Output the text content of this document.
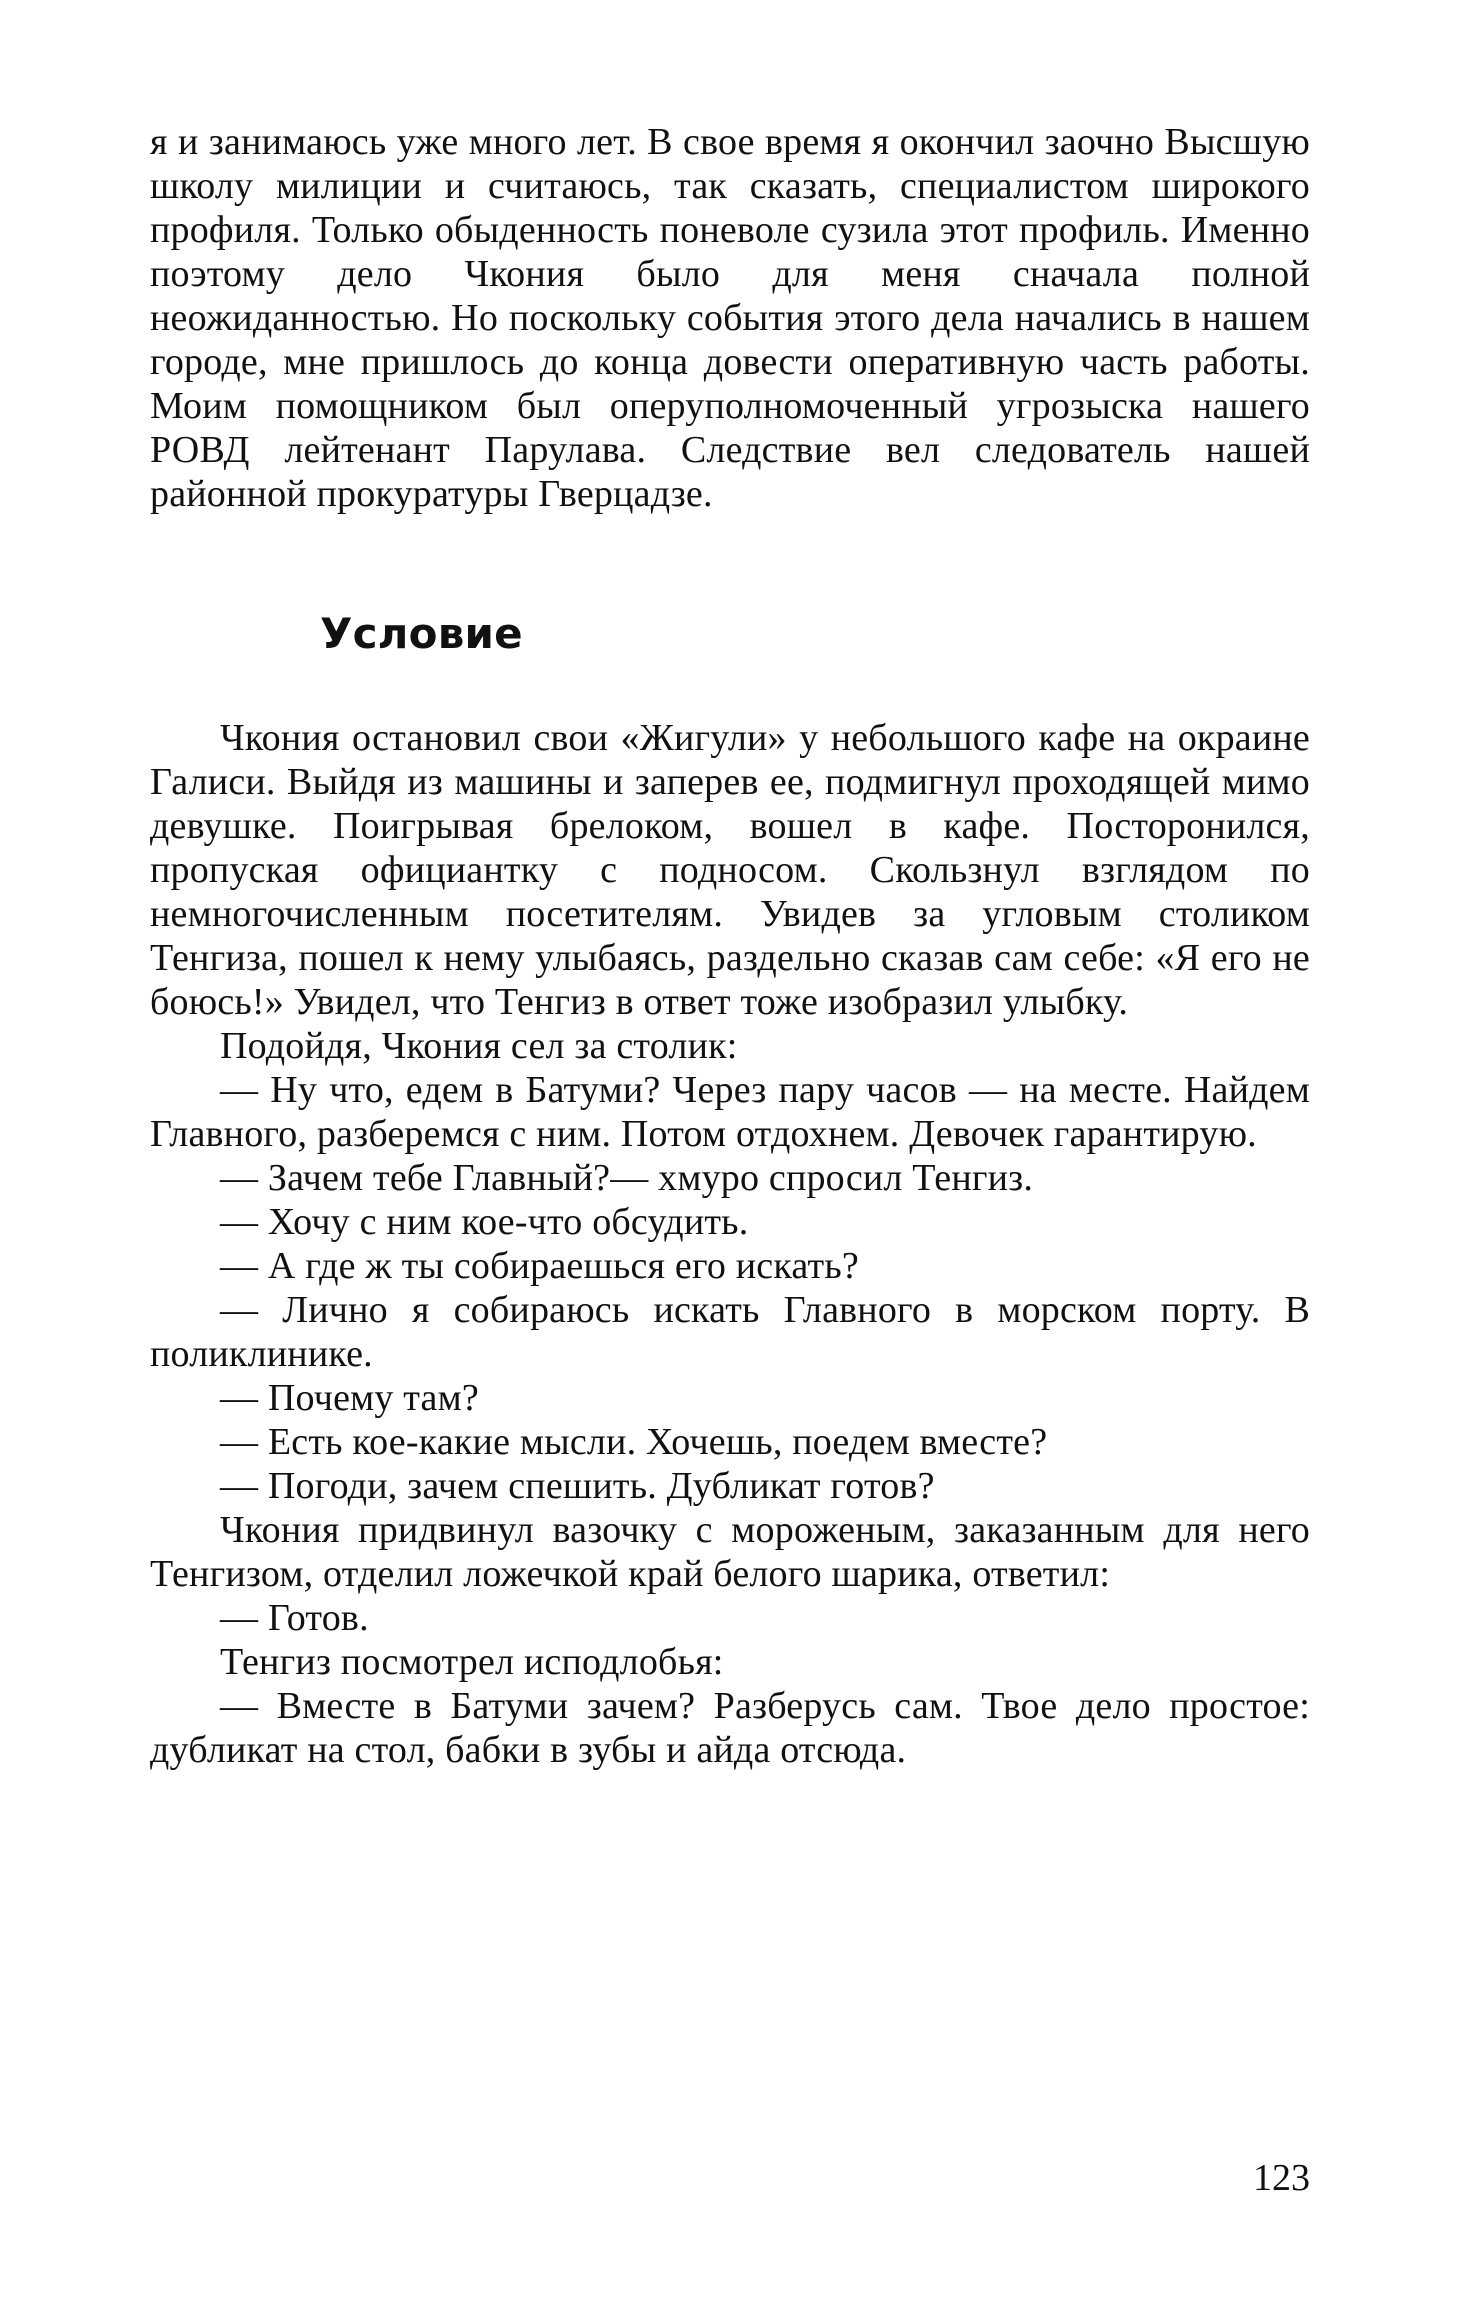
я и занимаюсь уже много лет. В свое время я окончил заочно Высшую школу милиции и считаюсь, так сказать, специалистом широкого профиля. Только обыденность поневоле сузила этот профиль. Именно поэтому дело Чкония было для меня сначала полной неожиданностью. Но поскольку события этого дела начались в нашем городе, мне пришлось до конца довести оперативную часть работы. Моим помощником был оперуполномоченный угрозыска нашего РОВД лейтенант Парулава. Следствие вел следователь нашей районной прокуратуры Гверцадзе.

Условие

Чкония остановил свои «Жигули» у небольшого кафе на окраине Галиси. Выйдя из машины и заперев ее, подмигнул проходящей мимо девушке. Поигрывая брелоком, вошел в кафе. Посторонился, пропуская официантку с подносом. Скользнул взглядом по немногочисленным посетителям. Увидев за угловым столиком Тенгиза, пошел к нему улыбаясь, раздельно сказав сам себе: «Я его не боюсь!» Увидел, что Тенгиз в ответ тоже изобразил улыбку.

Подойдя, Чкония сел за столик:

— Ну что, едем в Батуми? Через пару часов — на месте. Найдем Главного, разберемся с ним. Потом отдохнем. Девочек гарантирую.

— Зачем тебе Главный?— хмуро спросил Тенгиз.

— Хочу с ним кое-что обсудить.

— А где ж ты собираешься его искать?

— Лично я собираюсь искать Главного в морском порту. В поликлинике.

— Почему там?

— Есть кое-какие мысли. Хочешь, поедем вместе?

— Погоди, зачем спешить. Дубликат готов?

Чкония придвинул вазочку с мороженым, заказанным для него Тенгизом, отделил ложечкой край белого шарика, ответил:

— Готов.

Тенгиз посмотрел исподлобья:

— Вместе в Батуми зачем? Разберусь сам. Твое дело простое: дубликат на стол, бабки в зубы и айда отсюда.

123
